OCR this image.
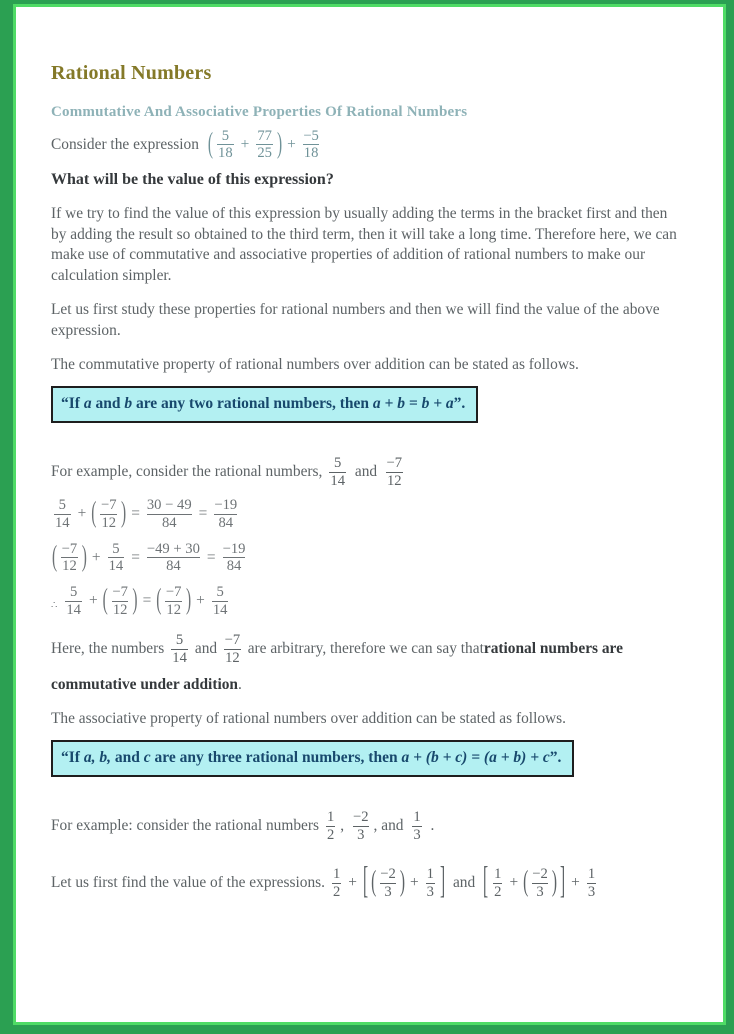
Rational Numbers
Commutative And Associative Properties Of Rational Numbers
Consider the expression ( $\frac{5}{18} + \frac{77}{25}$ ) + $\frac{-5}{18}$
What will be the value of this expression?

If we try to find the value of this expression by usually adding the terms in the bracket first and then by adding the result so obtained to the third term, then it will take a long time. Therefore here, we can make use of commutative and associative properties of addition of rational numbers to make our calculation simpler.

Let us first study these properties for rational numbers and then we will find the value of the above expression.

The commutative property of rational numbers over addition can be stated as follows.

“If a and b are any two rational numbers, then a + b = b + a”.
For example, consider the rational numbers, $\frac{5}{14}$ and $\frac{-7}{12}$
$\frac{5}{14}$ + ( $\frac{-7}{12}$ ) = $\frac{30 - 49}{84} = \frac{-19}{84}$
( $\frac{-7}{12}$ ) + $\frac{5}{14} = \frac{-49 + 30}{84} = \frac{-19}{84}$
∴ $\frac{5}{14}$ + ( $\frac{-7}{12}$ ) = ( $\frac{-7}{12}$ ) + $\frac{5}{14}$
Here, the numbers $\frac{5}{14}$ and $\frac{-7}{12}$ are arbitrary, therefore we can say that rational numbers are
commutative under addition.

The associative property of rational numbers over addition can be stated as follows.

“If a, b, and c are any three rational numbers, then a + (b + c) = (a + b) + c”.
For example: consider the rational numbers $\frac{1}{2}$ , $\frac{-2}{3}$ , and $\frac{1}{3}$ .
Let us first find the value of the expressions. $\frac{1}{2}$ + [ ( $\frac{-2}{3}$ ) + $\frac{1}{3}$ ] and [ $\frac{1}{2}$ + ( $\frac{-2}{3}$ ) ] + $\frac{1}{3}$
